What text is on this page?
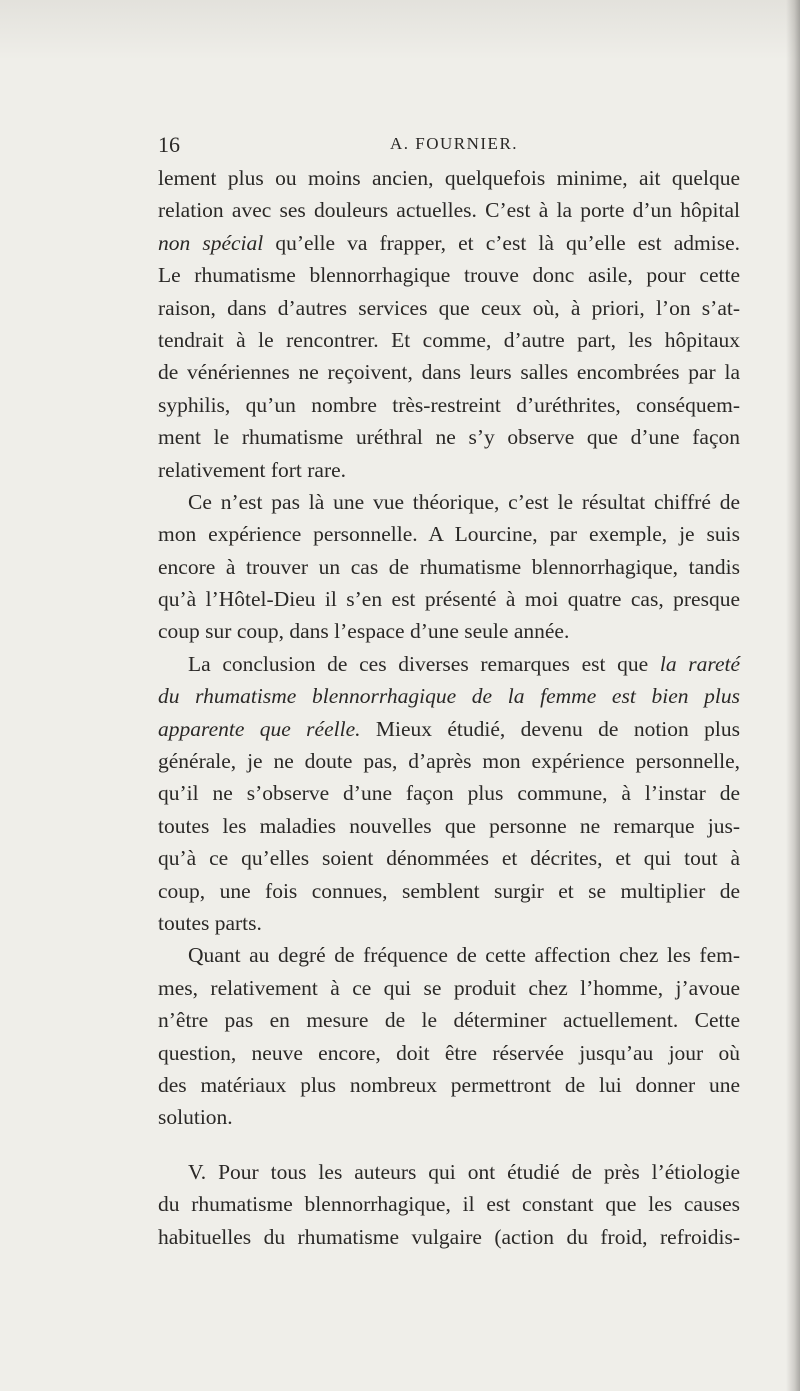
16	A. FOURNIER.
lement plus ou moins ancien, quelquefois minime, ait quelque
relation avec ses douleurs actuelles. C’est à la porte d’un hôpital
non spécial qu’elle va frapper, et c’est là qu’elle est admise.
Le rhumatisme blennorrhagique trouve donc asile, pour cette
raison, dans d’autres services que ceux où, à priori, l’on s’at-
tendrait à le rencontrer. Et comme, d’autre part, les hôpitaux
de vénériennes ne reçoivent, dans leurs salles encombrées par la
syphilis, qu’un nombre très-restreint d’uréthrites, conséquem-
ment le rhumatisme uréthral ne s’y observe que d’une façon
relativement fort rare.
Ce n’est pas là une vue théorique, c’est le résultat chiffré de
mon expérience personnelle. A Lourcine, par exemple, je suis
encore à trouver un cas de rhumatisme blennorrhagique, tandis
qu’à l’Hôtel-Dieu il s’en est présenté à moi quatre cas, presque
coup sur coup, dans l’espace d’une seule année.
La conclusion de ces diverses remarques est que la rareté
du rhumatisme blennorrhagique de la femme est bien plus
apparente que réelle. Mieux étudié, devenu de notion plus
générale, je ne doute pas, d’après mon expérience personnelle,
qu’il ne s’observe d’une façon plus commune, à l’instar de
toutes les maladies nouvelles que personne ne remarque jus-
qu’à ce qu’elles soient dénommées et décrites, et qui tout à
coup, une fois connues, semblent surgir et se multiplier de
toutes parts.
Quant au degré de fréquence de cette affection chez les fem-
mes, relativement à ce qui se produit chez l’homme, j’avoue
n’être pas en mesure de le déterminer actuellement. Cette
question, neuve encore, doit être réservée jusqu’au jour où
des matériaux plus nombreux permettront de lui donner une
solution.
V. Pour tous les auteurs qui ont étudié de près l’étiologie
du rhumatisme blennorrhagique, il est constant que les causes
habituelles du rhumatisme vulgaire (action du froid, refroidis-
